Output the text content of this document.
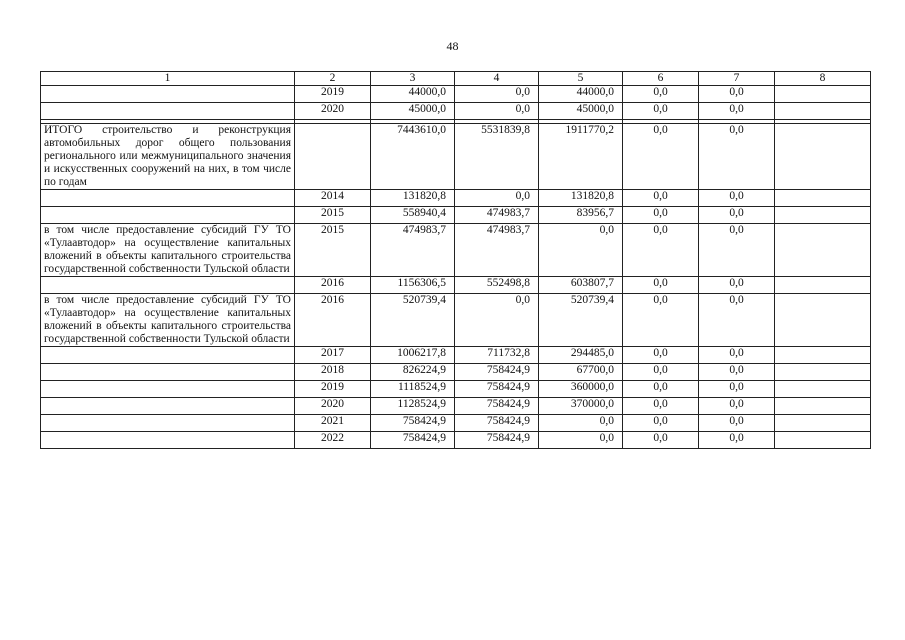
48
1	2	3	4	5	6	7	8
	2019	44000,0	0,0	44000,0	0,0	0,0	
	2020	45000,0	0,0	45000,0	0,0	0,0	

ИТОГО строительство и реконструкция автомобильных дорог общего пользования регионального или межмуниципального значения и искусственных сооружений на них, в том числе по годам		7443610,0	5531839,8	1911770,2	0,0	0,0	
	2014	131820,8	0,0	131820,8	0,0	0,0	
	2015	558940,4	474983,7	83956,7	0,0	0,0	
в том числе предоставление субсидий ГУ ТО «Тулаавтодор» на осуществление капитальных вложений в объекты капитального строительства государственной собственности Тульской области	2015	474983,7	474983,7	0,0	0,0	0,0	
	2016	1156306,5	552498,8	603807,7	0,0	0,0	
в том числе предоставление субсидий ГУ ТО «Тулаавтодор» на осуществление капитальных вложений в объекты капитального строительства государственной собственности Тульской области	2016	520739,4	0,0	520739,4	0,0	0,0	
	2017	1006217,8	711732,8	294485,0	0,0	0,0	
	2018	826224,9	758424,9	67700,0	0,0	0,0	
	2019	1118524,9	758424,9	360000,0	0,0	0,0	
	2020	1128524,9	758424,9	370000,0	0,0	0,0	
	2021	758424,9	758424,9	0,0	0,0	0,0	
	2022	758424,9	758424,9	0,0	0,0	0,0	
